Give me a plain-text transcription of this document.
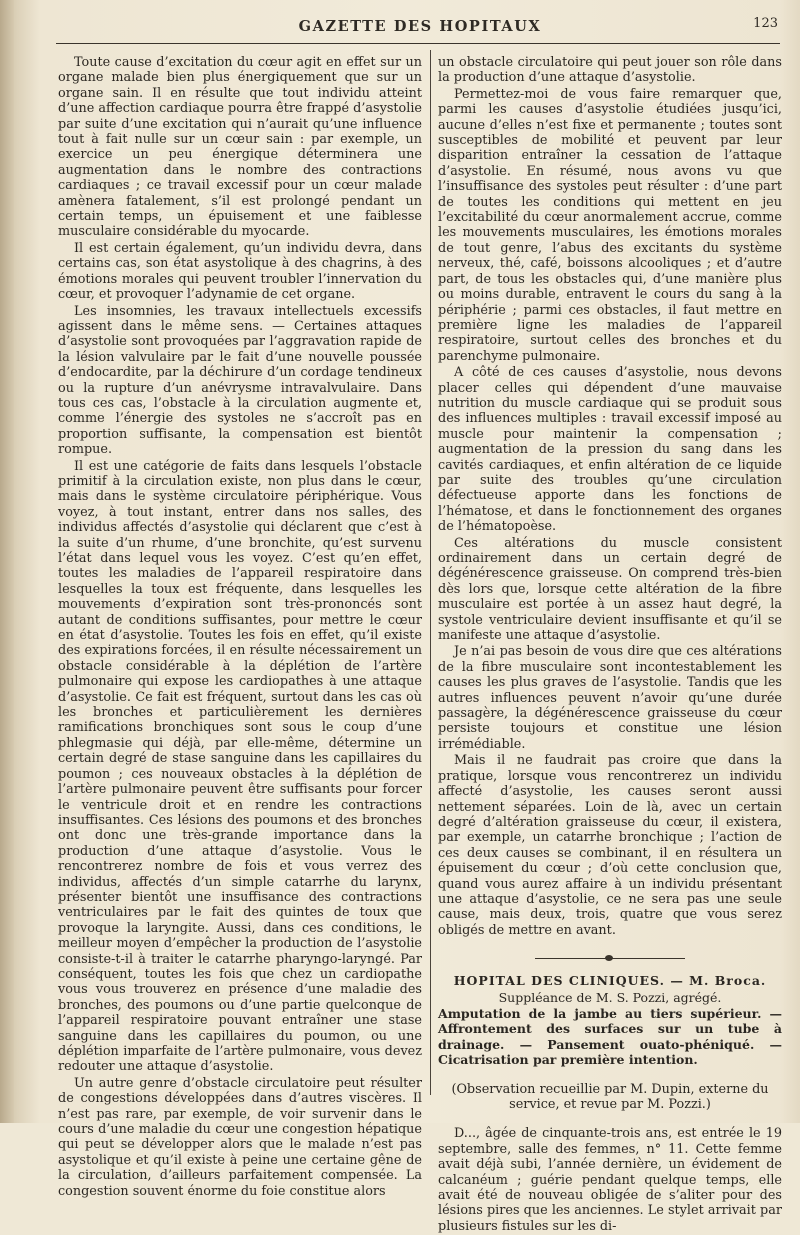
GAZETTE DES HOPITAUX	123

Toute cause d’excitation du cœur agit en effet sur un organe malade bien plus énergiquement que sur un organe sain. Il en résulte que tout individu atteint d’une affection cardiaque pourra être frappé d’asystolie par suite d’une excitation qui n’aurait qu’une influence tout à fait nulle sur un cœur sain : par exemple, un exercice un peu énergique déterminera une augmentation dans le nombre des contractions cardiaques ; ce travail excessif pour un cœur malade amènera fatalement, s’il est prolongé pendant un certain temps, un épuisement et une faiblesse musculaire considérable du myocarde.

Il est certain également, qu’un individu devra, dans certains cas, son état asystolique à des chagrins, à des émotions morales qui peuvent troubler l’innervation du cœur, et provoquer l’adynamie de cet organe.

Les insomnies, les travaux intellectuels excessifs agissent dans le même sens. — Certaines attaques d’asystolie sont provoquées par l’aggravation rapide de la lésion valvulaire par le fait d’une nouvelle poussée d’endocardite, par la déchirure d’un cordage tendineux ou la rupture d’un anévrysme intravalvulaire. Dans tous ces cas, l’obstacle à la circulation augmente et, comme l’énergie des systoles ne s’accroît pas en proportion suffisante, la compensation est bientôt rompue.

Il est une catégorie de faits dans lesquels l’obstacle primitif à la circulation existe, non plus dans le cœur, mais dans le système circulatoire périphérique. Vous voyez, à tout instant, entrer dans nos salles, des individus affectés d’asystolie qui déclarent que c’est à la suite d’un rhume, d’une bronchite, qu’est survenu l’état dans lequel vous les voyez. C’est qu’en effet, toutes les maladies de l’appareil respiratoire dans lesquelles la toux est fréquente, dans lesquelles les mouvements d’expiration sont très-prononcés sont autant de conditions suffisantes, pour mettre le cœur en état d’asystolie. Toutes les fois en effet, qu’il existe des expirations forcées, il en résulte nécessairement un obstacle considérable à la déplétion de l’artère pulmonaire qui expose les cardiopathes à une attaque d’asystolie. Ce fait est fréquent, surtout dans les cas où les bronches et particulièrement les dernières ramifications bronchiques sont sous le coup d’une phlegmasie qui déjà, par elle-même, détermine un certain degré de stase sanguine dans les capillaires du poumon ; ces nouveaux obstacles à la déplétion de l’artère pulmonaire peuvent être suffisants pour forcer le ventricule droit et en rendre les contractions insuffisantes. Ces lésions des poumons et des bronches ont donc une très-grande importance dans la production d’une attaque d’asystolie. Vous le rencontrerez nombre de fois et vous verrez des individus, affectés d’un simple catarrhe du larynx, présenter bientôt une insuffisance des contractions ventriculaires par le fait des quintes de toux que provoque la laryngite. Aussi, dans ces conditions, le meilleur moyen d’empêcher la production de l’asystolie consiste-t-il à traiter le catarrhe pharyngo-laryngé. Par conséquent, toutes les fois que chez un cardiopathe vous vous trouverez en présence d’une maladie des bronches, des poumons ou d’une partie quelconque de l’appareil respiratoire pouvant entraîner une stase sanguine dans les capillaires du poumon, ou une déplétion imparfaite de l’artère pulmonaire, vous devez redouter une attaque d’asystolie.

Un autre genre d’obstacle circulatoire peut résulter de congestions développées dans d’autres viscères. Il n’est pas rare, par exemple, de voir survenir dans le cours d’une maladie du cœur une congestion hépatique qui peut se développer alors que le malade n’est pas asystolique et qu’il existe à peine une certaine gêne de la circulation, d’ailleurs parfaitement compensée. La congestion souvent énorme du foie constitue alors

un obstacle circulatoire qui peut jouer son rôle dans la production d’une attaque d’asystolie.

Permettez-moi de vous faire remarquer que, parmi les causes d’asystolie étudiées jusqu’ici, aucune d’elles n’est fixe et permanente ; toutes sont susceptibles de mobilité et peuvent par leur disparition entraîner la cessation de l’attaque d’asystolie. En résumé, nous avons vu que l’insuffisance des systoles peut résulter : d’une part de toutes les conditions qui mettent en jeu l’excitabilité du cœur anormalement accrue, comme les mouvements musculaires, les émotions morales de tout genre, l’abus des excitants du système nerveux, thé, café, boissons alcooliques ; et d’autre part, de tous les obstacles qui, d’une manière plus ou moins durable, entravent le cours du sang à la périphérie ; parmi ces obstacles, il faut mettre en première ligne les maladies de l’appareil respiratoire, surtout celles des bronches et du parenchyme pulmonaire.

A côté de ces causes d’asystolie, nous devons placer celles qui dépendent d’une mauvaise nutrition du muscle cardiaque qui se produit sous des influences multiples : travail excessif imposé au muscle pour maintenir la compensation ; augmentation de la pression du sang dans les cavités cardiaques, et enfin altération de ce liquide par suite des troubles qu’une circulation défectueuse apporte dans les fonctions de l’hématose, et dans le fonctionnement des organes de l’hématopoèse.

Ces altérations du muscle consistent ordinairement dans un certain degré de dégénérescence graisseuse. On comprend très-bien dès lors que, lorsque cette altération de la fibre musculaire est portée à un assez haut degré, la systole ventriculaire devient insuffisante et qu’il se manifeste une attaque d’asystolie.

Je n’ai pas besoin de vous dire que ces altérations de la fibre musculaire sont incontestablement les causes les plus graves de l’asystolie. Tandis que les autres influences peuvent n’avoir qu’une durée passagère, la dégénérescence graisseuse du cœur persiste toujours et constitue une lésion irrémédiable.

Mais il ne faudrait pas croire que dans la pratique, lorsque vous rencontrerez un individu affecté d’asystolie, les causes seront aussi nettement séparées. Loin de là, avec un certain degré d’altération graisseuse du cœur, il existera, par exemple, un catarrhe bronchique ; l’action de ces deux causes se combinant, il en résultera un épuisement du cœur ; d’où cette conclusion que, quand vous aurez affaire à un individu présentant une attaque d’asystolie, ce ne sera pas une seule cause, mais deux, trois, quatre que vous serez obligés de mettre en avant.

HOPITAL DES CLINIQUES. — M. Broca.

Suppléance de M. S. Pozzi, agrégé.

Amputation de la jambe au tiers supérieur. — Affrontement des surfaces sur un tube à drainage. — Pansement ouato-phéniqué. — Cicatrisation par première intention.

(Observation recueillie par M. Dupin, externe du service, et revue par M. Pozzi.)

D..., âgée de cinquante-trois ans, est entrée le 19 septembre, salle des femmes, n° 11. Cette femme avait déjà subi, l’année dernière, un évidement de calcanéum ; guérie pendant quelque temps, elle avait été de nouveau obligée de s’aliter pour des lésions pires que les anciennes. Le stylet arrivait par plusieurs fistules sur les di-
